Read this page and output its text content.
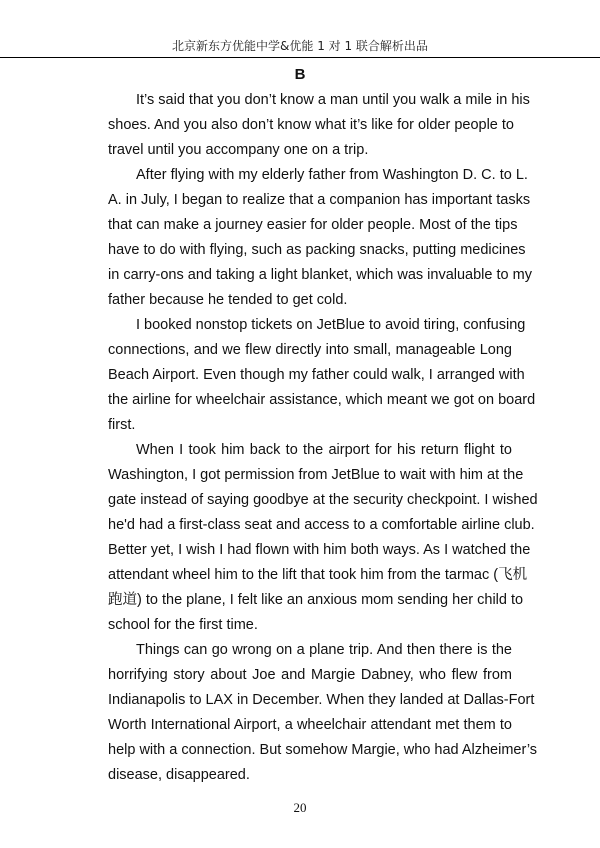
北京新东方优能中学&优能 1 对 1 联合解析出品
B
It’s said that you don’t know a man until you walk a mile in his
shoes. And you also don’t know what it’s like for older people to
travel until you accompany one on a trip.
After flying with my elderly father from Washington D. C. to L.
A. in July, I began to realize that a companion has important tasks
that can make a journey easier for older people. Most of the tips
have to do with flying, such as packing snacks, putting medicines
in carry-ons and taking a light blanket, which was invaluable to my
father because he tended to get cold.
I booked nonstop tickets on JetBlue to avoid tiring, confusing
connections, and we flew directly into small, manageable Long
Beach Airport. Even though my father could walk, I arranged with
the airline for wheelchair assistance, which meant we got on board
first.
When I took him back to the airport for his return flight to
Washington, I got permission from JetBlue to wait with him at the
gate instead of saying goodbye at the security checkpoint. I wished
he'd had a first-class seat and access to a comfortable airline club.
Better yet, I wish I had flown with him both ways. As I watched the
attendant wheel him to the lift that took him from the tarmac (飞机
跑道) to the plane, I felt like an anxious mom sending her child to
school for the first time.
Things can go wrong on a plane trip. And then there is the
horrifying story about Joe and Margie Dabney, who flew from
Indianapolis to LAX in December. When they landed at Dallas-Fort
Worth International Airport, a wheelchair attendant met them to
help with a connection. But somehow Margie, who had Alzheimer’s
disease, disappeared.
20
